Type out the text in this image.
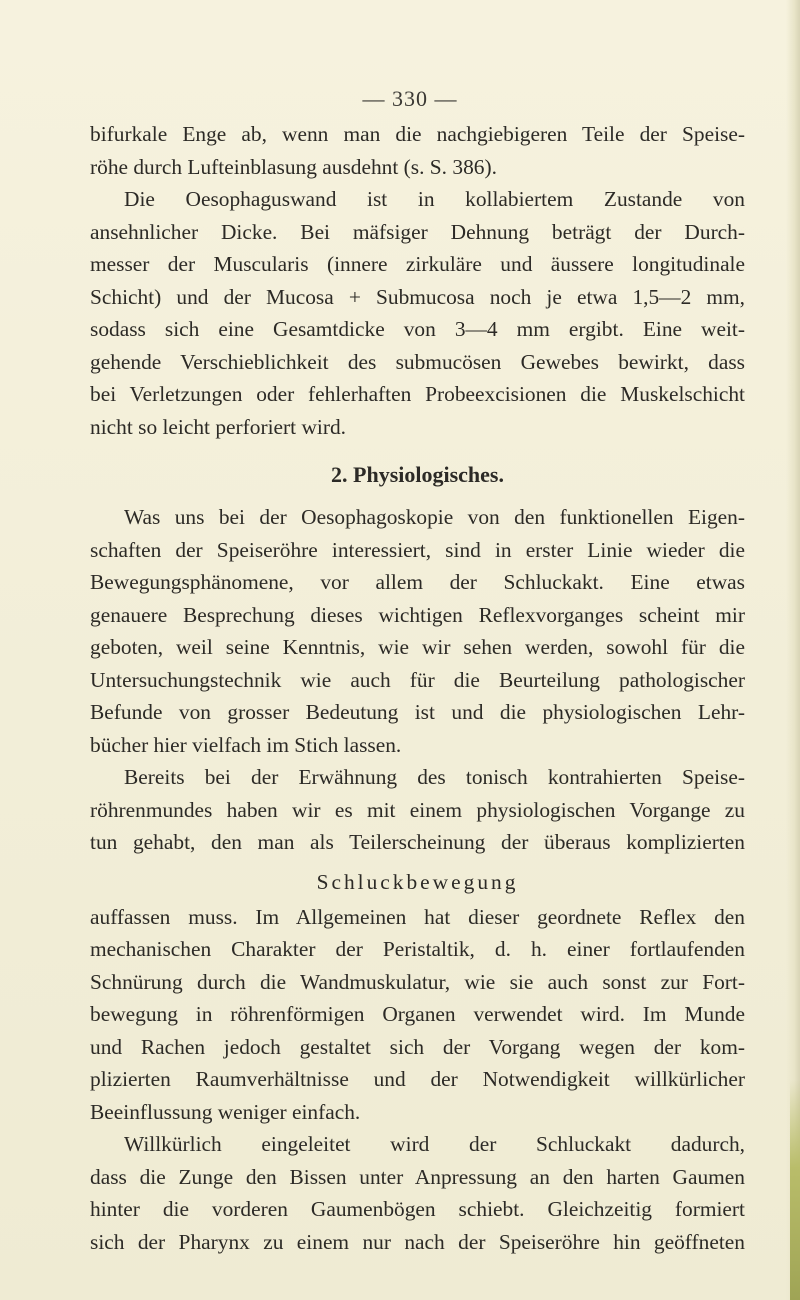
— 330 —
bifurkale Enge ab, wenn man die nachgiebigeren Teile der Speise-
röhe durch Lufteinblasung ausdehnt (s. S. 386).
Die Oesophaguswand ist in kollabiertem Zustande von
ansehnlicher Dicke. Bei mäfsiger Dehnung beträgt der Durch-
messer der Muscularis (innere zirkuläre und äussere longitudinale
Schicht) und der Mucosa + Submucosa noch je etwa 1,5—2 mm,
sodass sich eine Gesamtdicke von 3—4 mm ergibt. Eine weit-
gehende Verschieblichkeit des submucösen Gewebes bewirkt, dass
bei Verletzungen oder fehlerhaften Probeexcisionen die Muskelschicht
nicht so leicht perforiert wird.
2. Physiologisches.
Was uns bei der Oesophagoskopie von den funktionellen Eigen-
schaften der Speiseröhre interessiert, sind in erster Linie wieder die
Bewegungsphänomene, vor allem der Schluckakt. Eine etwas
genauere Besprechung dieses wichtigen Reflexvorganges scheint mir
geboten, weil seine Kenntnis, wie wir sehen werden, sowohl für die
Untersuchungstechnik wie auch für die Beurteilung pathologischer
Befunde von grosser Bedeutung ist und die physiologischen Lehr-
bücher hier vielfach im Stich lassen.
Bereits bei der Erwähnung des tonisch kontrahierten Speise-
röhrenmundes haben wir es mit einem physiologischen Vorgange zu
tun gehabt, den man als Teilerscheinung der überaus komplizierten
Schluckbewegung
auffassen muss. Im Allgemeinen hat dieser geordnete Reflex den
mechanischen Charakter der Peristaltik, d. h. einer fortlaufenden
Schnürung durch die Wandmuskulatur, wie sie auch sonst zur Fort-
bewegung in röhrenförmigen Organen verwendet wird. Im Munde
und Rachen jedoch gestaltet sich der Vorgang wegen der kom-
plizierten Raumverhältnisse und der Notwendigkeit willkürlicher
Beeinflussung weniger einfach.
Willkürlich eingeleitet wird der Schluckakt dadurch,
dass die Zunge den Bissen unter Anpressung an den harten Gaumen
hinter die vorderen Gaumenbögen schiebt. Gleichzeitig formiert
sich der Pharynx zu einem nur nach der Speiseröhre hin geöffneten
